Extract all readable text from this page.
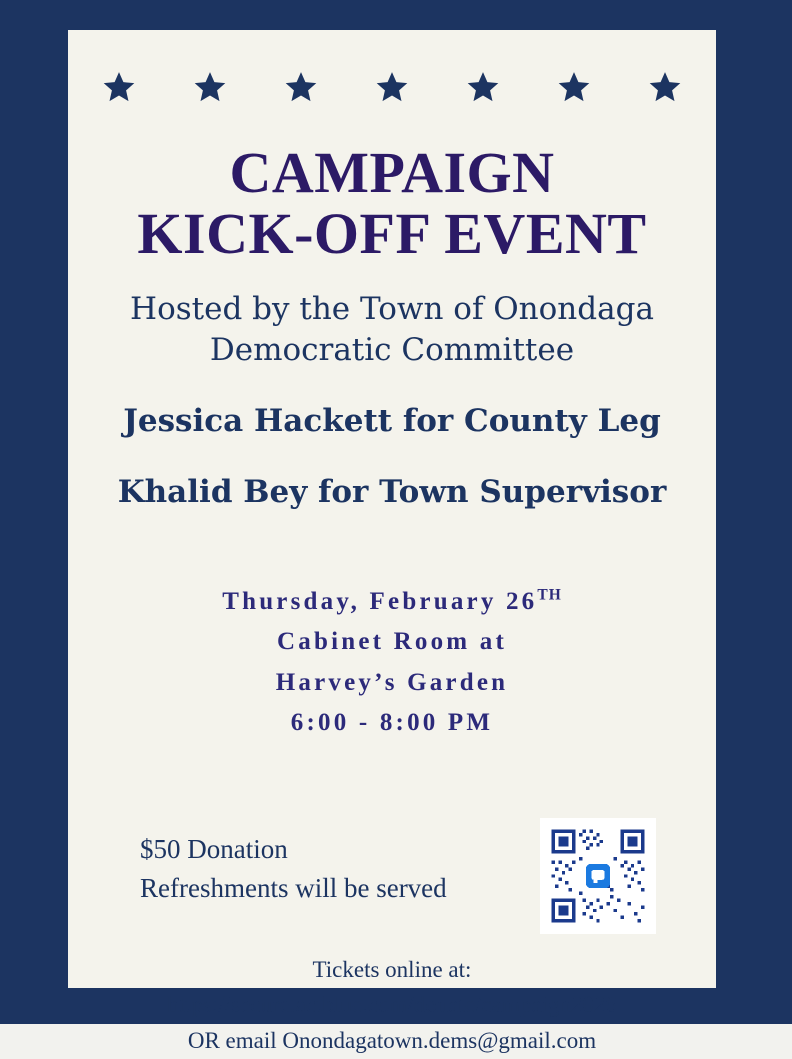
CAMPAIGN
KICK-OFF EVENT
Hosted by the Town of Onondaga
Democratic Committee
Jessica Hackett for County Leg
Khalid Bey for Town Supervisor
Thursday, February 26TH
Cabinet Room at
Harvey’s Garden
6:00 - 8:00 PM
$50 Donation
Refreshments will be served
Tickets online at:
https://secure.actblue.com/donate/campaign2026
OR email Onondagatown.dems@gmail.com
